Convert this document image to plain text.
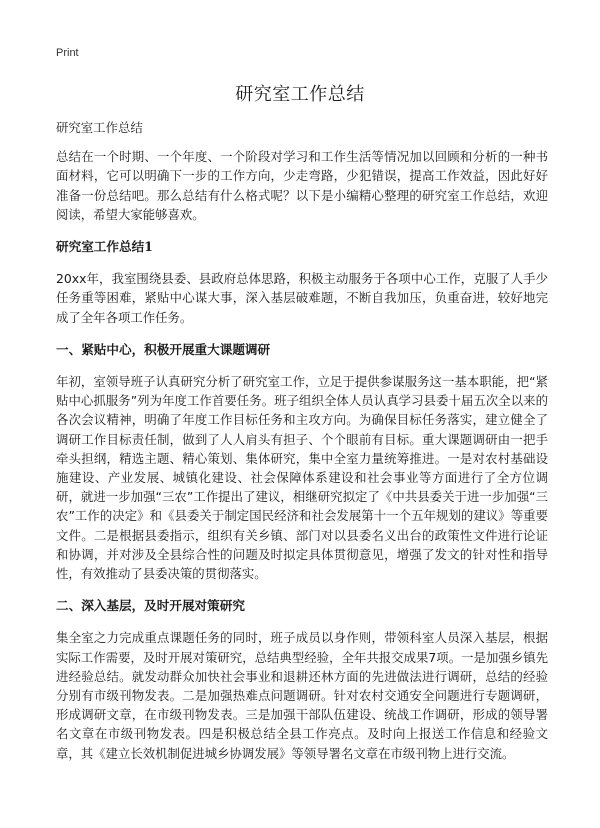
Print
研究室工作总结
研究室工作总结

总结在一个时期、一个年度、一个阶段对学习和工作生活等情况加以回顾和分析的一种书面材料，它可以明确下一步的工作方向，少走弯路，少犯错误，提高工作效益，因此好好准备一份总结吧。那么总结有什么格式呢？以下是小编精心整理的研究室工作总结，欢迎阅读，希望大家能够喜欢。

研究室工作总结1

20xx年，我室围绕县委、县政府总体思路，积极主动服务于各项中心工作，克服了人手少任务重等困难，紧贴中心谋大事，深入基层破难题，不断自我加压，负重奋进，较好地完成了全年各项工作任务。

一、紧贴中心，积极开展重大课题调研

年初，室领导班子认真研究分析了研究室工作，立足于提供参谋服务这一基本职能，把“紧贴中心抓服务”列为年度工作首要任务。班子组织全体人员认真学习县委十届五次全以来的各次会议精神，明确了年度工作目标任务和主攻方向。为确保目标任务落实，建立健全了调研工作目标责任制，做到了人人肩头有担子、个个眼前有目标。重大课题调研由一把手牵头担纲，精选主题、精心策划、集体研究，集中全室力量统筹推进。一是对农村基础设施建设、产业发展、城镇化建设、社会保障体系建设和社会事业等方面进行了全方位调研，就进一步加强“三农”工作提出了建议，相继研究拟定了《中共县委关于进一步加强“三农”工作的决定》和《县委关于制定国民经济和社会发展第十一个五年规划的建议》等重要文件。二是根据县委指示，组织有关乡镇、部门对以县委名义出台的政策性文件进行论证和协调，并对涉及全县综合性的问题及时拟定具体贯彻意见，增强了发文的针对性和指导性，有效推动了县委决策的贯彻落实。

二、深入基层，及时开展对策研究

集全室之力完成重点课题任务的同时，班子成员以身作则，带领科室人员深入基层，根据实际工作需要，及时开展对策研究，总结典型经验，全年共报交成果7项。一是加强乡镇先进经验总结。就发动群众加快社会事业和退耕还林方面的先进做法进行调研，总结的经验分别有市级刊物发表。二是加强热难点问题调研。针对农村交通安全问题进行专题调研，形成调研文章，在市级刊物发表。三是加强干部队伍建设、统战工作调研，形成的领导署名文章在市级刊物发表。四是积极总结全县工作亮点。及时向上报送工作信息和经验文章，其《建立长效机制促进城乡协调发展》等领导署名文章在市级刊物上进行交流。
